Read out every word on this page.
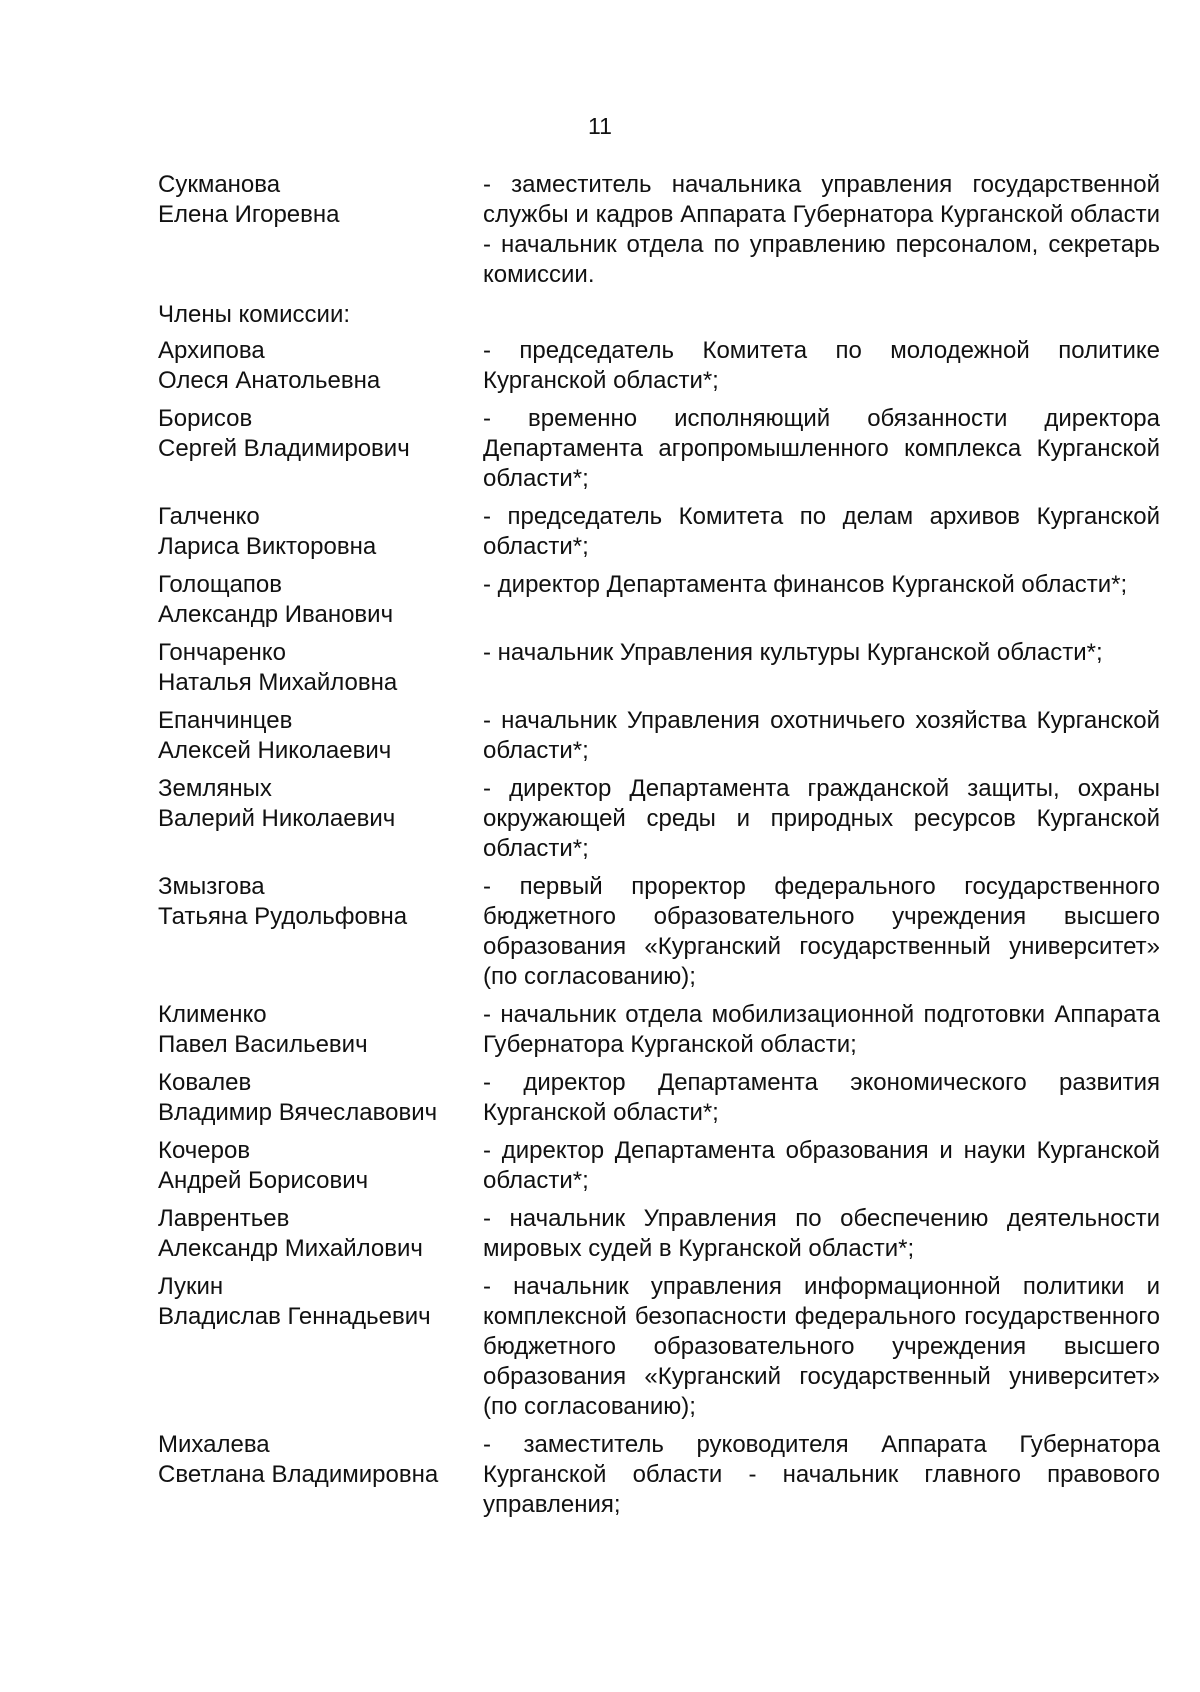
11
Сукманова
Елена Игоревна
- заместитель начальника управления государственной службы и кадров Аппарата Губернатора Курганской области - начальник отдела по управлению персоналом, секретарь комиссии.
Члены комиссии:
Архипова
Олеся Анатольевна
- председатель Комитета по молодежной политике Курганской области*;
Борисов
Сергей Владимирович
- временно исполняющий обязанности директора Департамента агропромышленного комплекса Курганской области*;
Галченко
Лариса Викторовна
- председатель Комитета по делам архивов Курганской области*;
Голощапов
Александр Иванович
- директор Департамента финансов Курганской области*;
Гончаренко
Наталья Михайловна
- начальник Управления культуры Курганской области*;
Епанчинцев
Алексей Николаевич
- начальник Управления охотничьего хозяйства Курганской области*;
Земляных
Валерий Николаевич
- директор Департамента гражданской защиты, охраны окружающей среды и природных ресурсов Курганской области*;
Змызгова
Татьяна Рудольфовна
- первый проректор федерального государственного бюджетного образовательного учреждения высшего образования «Курганский государственный университет» (по согласованию);
Клименко
Павел Васильевич
- начальник отдела мобилизационной подготовки Аппарата Губернатора Курганской области;
Ковалев
Владимир Вячеславович
- директор Департамента экономического развития Курганской области*;
Кочеров
Андрей Борисович
- директор Департамента образования и науки Курганской области*;
Лаврентьев
Александр Михайлович
- начальник Управления по обеспечению деятельности мировых судей в Курганской области*;
Лукин
Владислав Геннадьевич
- начальник управления информационной политики и комплексной безопасности федерального государственного бюджетного образовательного учреждения высшего образования «Курганский государственный университет» (по согласованию);
Михалева
Светлана Владимировна
- заместитель руководителя Аппарата Губернатора Курганской области - начальник главного правового управления;
